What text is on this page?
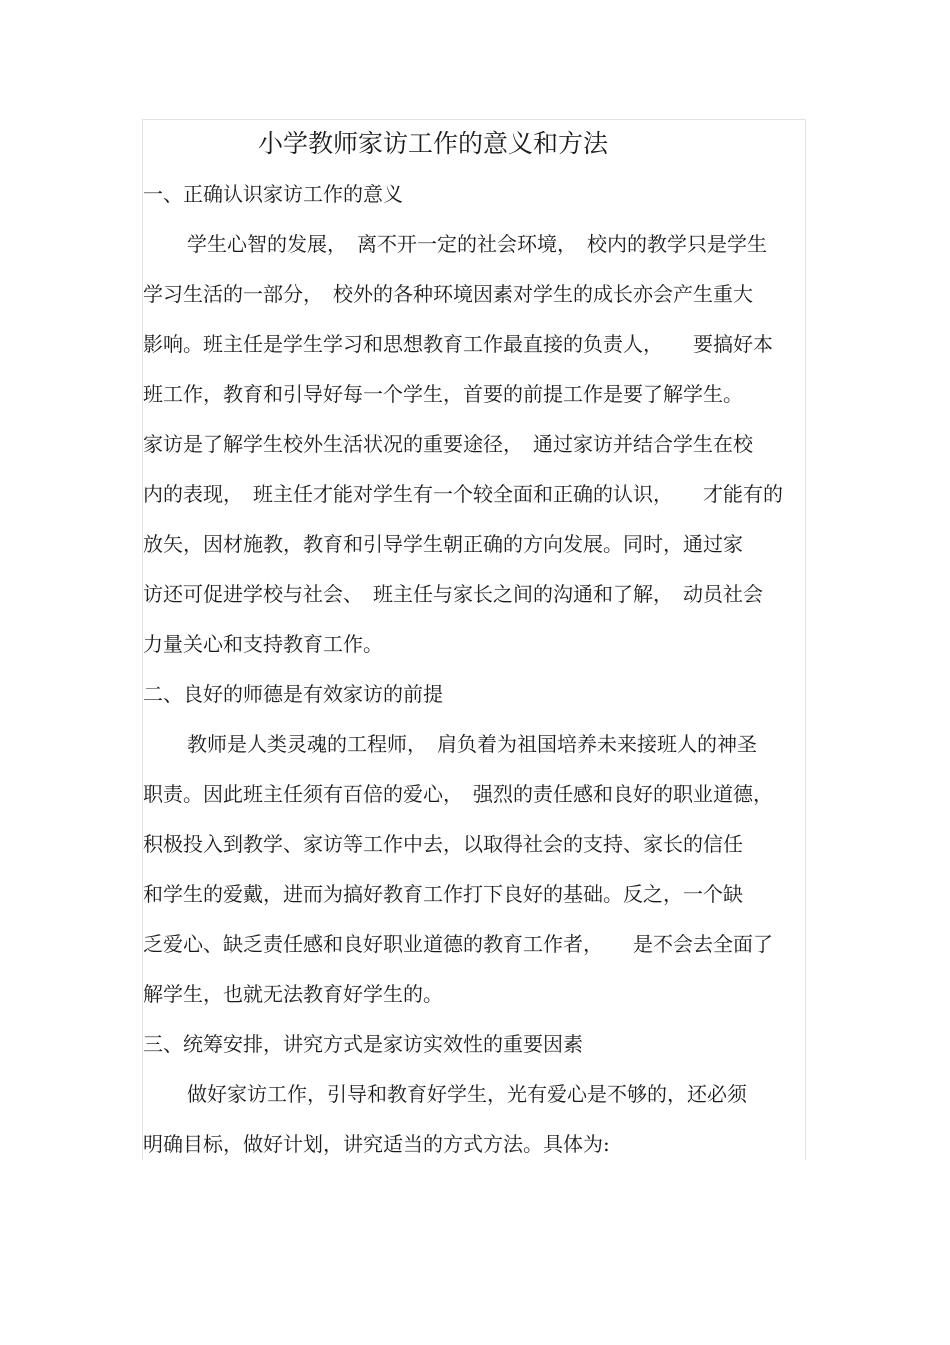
小学教师家访工作的意义和方法
一、正确认识家访工作的意义
学生心智的发展，　离不开一定的社会环境，　校内的教学只是学生
学习生活的一部分，　校外的各种环境因素对学生的成长亦会产生重大
影响。班主任是学生学习和思想教育工作最直接的负责人，　　要搞好本
班工作，教育和引导好每一个学生，首要的前提工作是要了解学生。
家访是了解学生校外生活状况的重要途径，　通过家访并结合学生在校
内的表现，　班主任才能对学生有一个较全面和正确的认识，　　才能有的
放矢，因材施教，教育和引导学生朝正确的方向发展。同时，通过家
访还可促进学校与社会、　班主任与家长之间的沟通和了解，　动员社会
力量关心和支持教育工作。
二、良好的师德是有效家访的前提
教师是人类灵魂的工程师，　肩负着为祖国培养未来接班人的神圣
职责。因此班主任须有百倍的爱心，　强烈的责任感和良好的职业道德，
积极投入到教学、家访等工作中去，以取得社会的支持、家长的信任
和学生的爱戴，进而为搞好教育工作打下良好的基础。反之，一个缺
乏爱心、缺乏责任感和良好职业道德的教育工作者，　　是不会去全面了
解学生，也就无法教育好学生的。
三、统筹安排，讲究方式是家访实效性的重要因素
做好家访工作，引导和教育好学生，光有爱心是不够的，还必须
明确目标，做好计划，讲究适当的方式方法。具体为:
